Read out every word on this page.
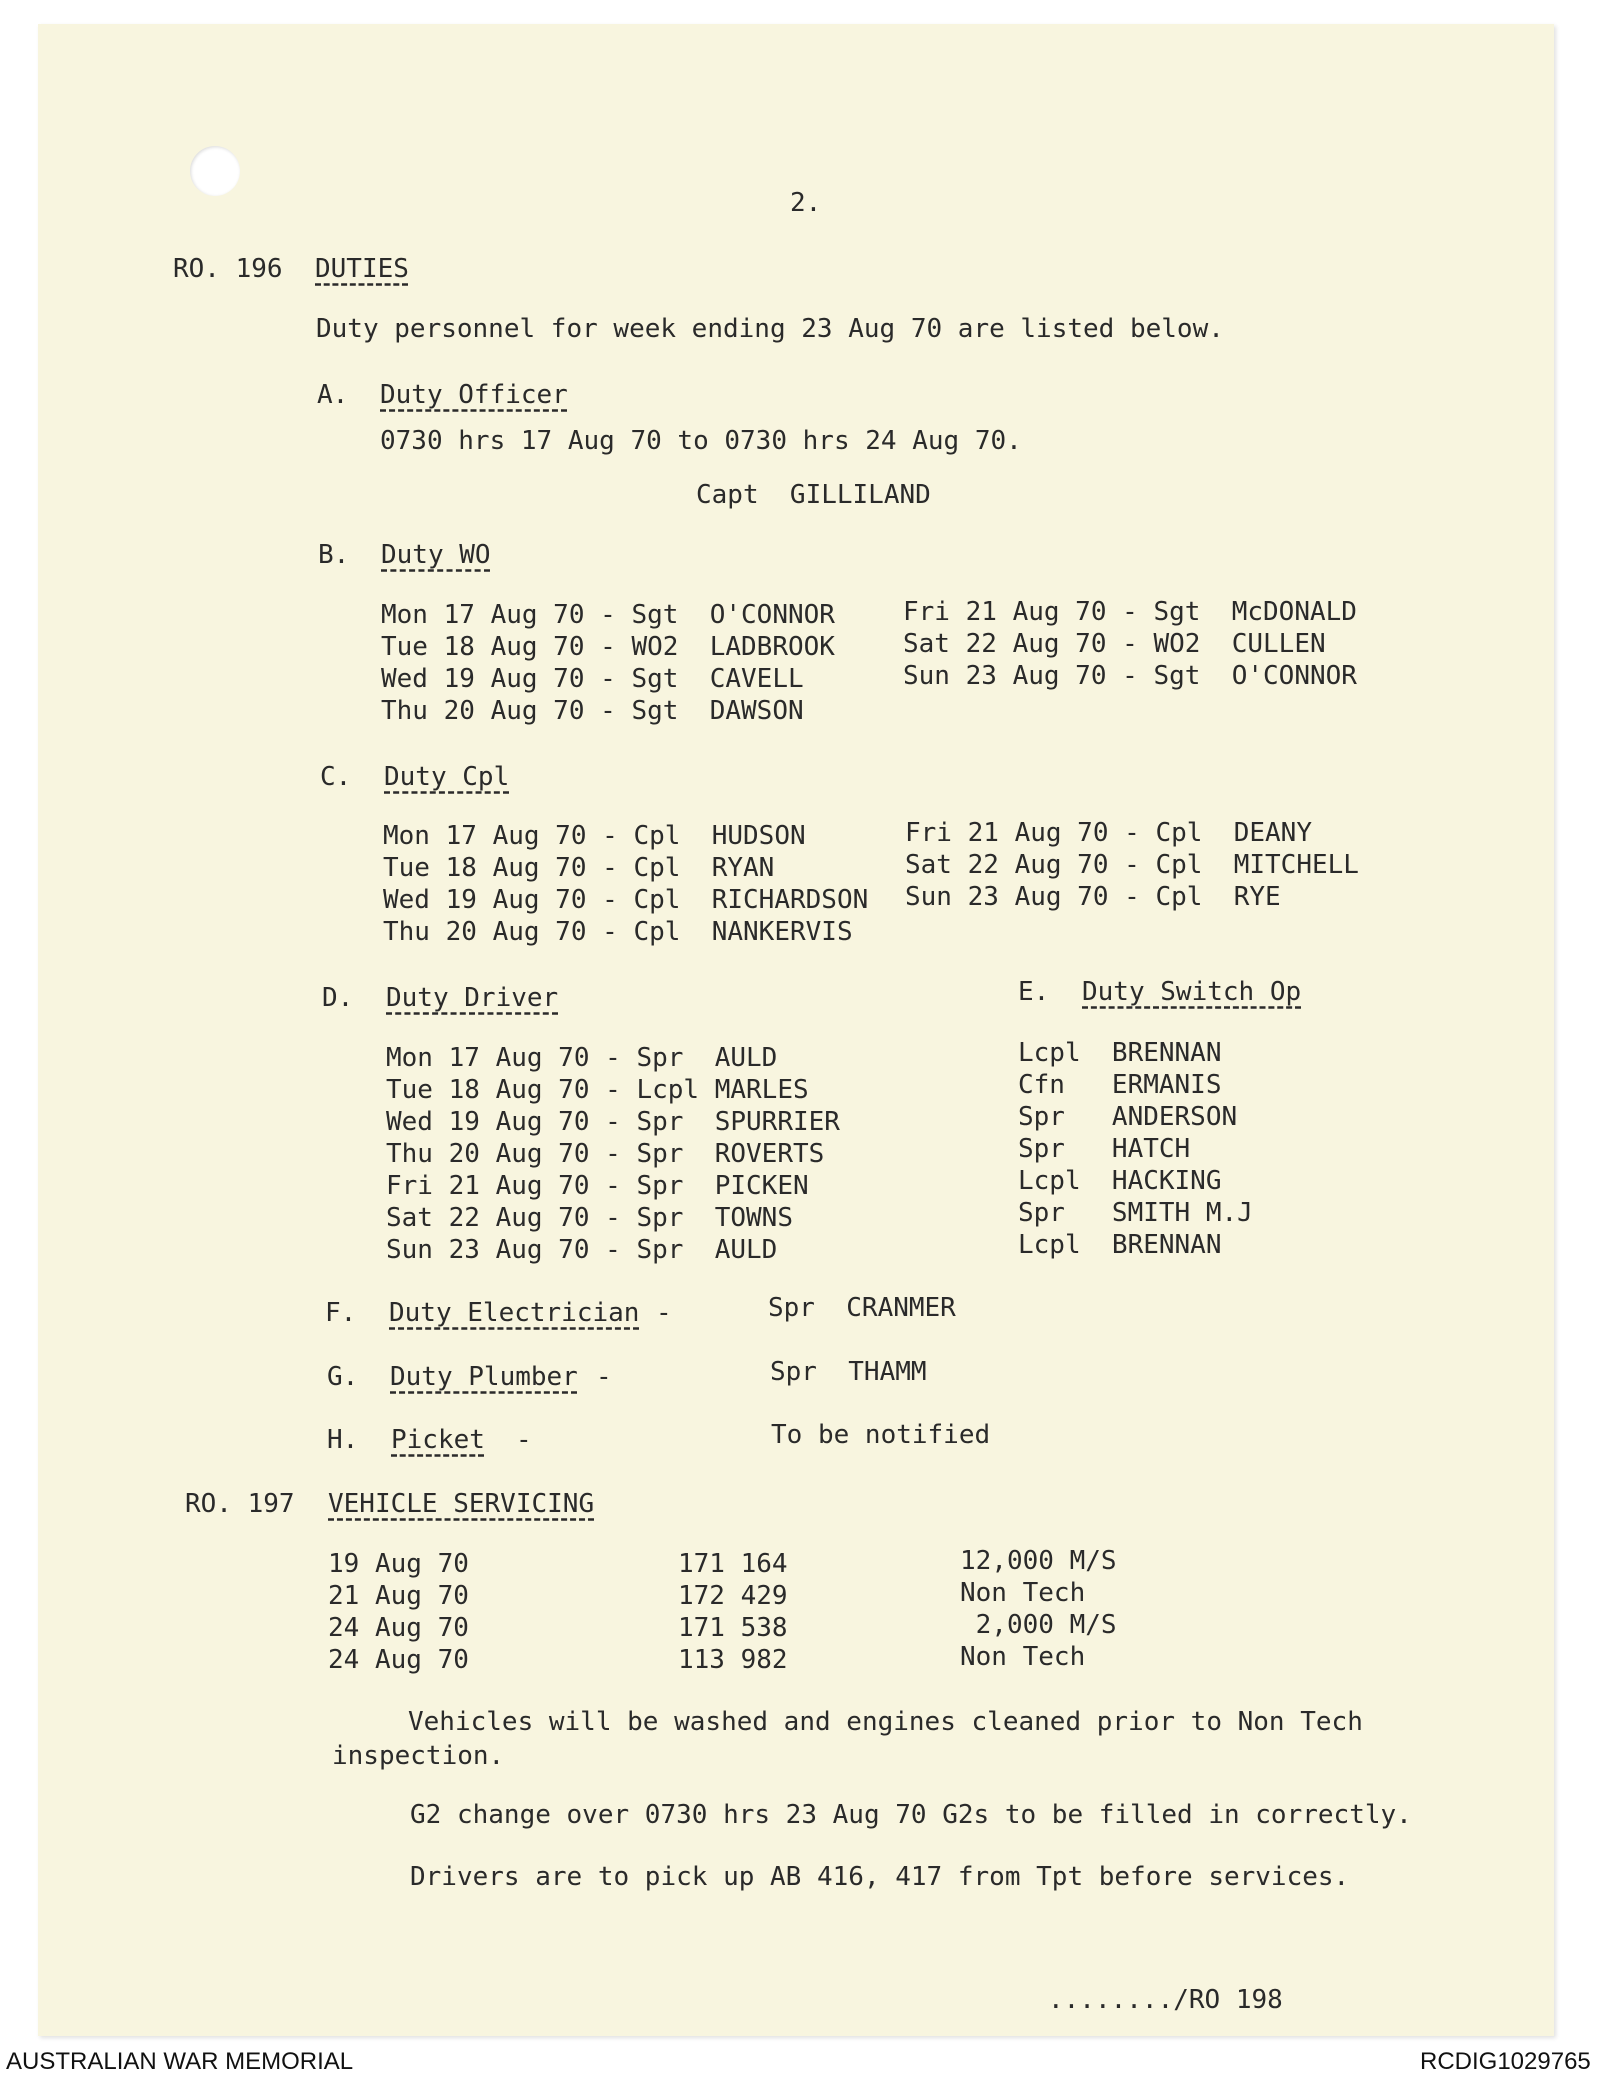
2.
RO. 196 DUTIES
Duty personnel for week ending 23 Aug 70 are listed below.
A. Duty Officer
0730 hrs 17 Aug 70 to 0730 hrs 24 Aug 70.
Capt  GILLILAND
B. Duty WO
Mon 17 Aug 70 - Sgt  O'CONNOR
Tue 18 Aug 70 - WO2  LADBROOK
Wed 19 Aug 70 - Sgt  CAVELL
Thu 20 Aug 70 - Sgt  DAWSON
Fri 21 Aug 70 - Sgt  McDONALD
Sat 22 Aug 70 - WO2  CULLEN
Sun 23 Aug 70 - Sgt  O'CONNOR
C. Duty Cpl
Mon 17 Aug 70 - Cpl  HUDSON
Tue 18 Aug 70 - Cpl  RYAN
Wed 19 Aug 70 - Cpl  RICHARDSON
Thu 20 Aug 70 - Cpl  NANKERVIS
Fri 21 Aug 70 - Cpl  DEANY
Sat 22 Aug 70 - Cpl  MITCHELL
Sun 23 Aug 70 - Cpl  RYE
D. Duty Driver
Mon 17 Aug 70 - Spr  AULD
Tue 18 Aug 70 - Lcpl MARLES
Wed 19 Aug 70 - Spr  SPURRIER
Thu 20 Aug 70 - Spr  ROVERTS
Fri 21 Aug 70 - Spr  PICKEN
Sat 22 Aug 70 - Spr  TOWNS
Sun 23 Aug 70 - Spr  AULD
E. Duty Switch Op
Lcpl  BRENNAN
Cfn   ERMANIS
Spr   ANDERSON
Spr   HATCH
Lcpl  HACKING
Spr   SMITH M.J
Lcpl  BRENNAN
F. Duty Electrician -	Spr  CRANMER
G. Duty Plumber -	Spr  THAMM
H. Picket -	To be notified
RO. 197 VEHICLE SERVICING
19 Aug 70	171 164	12,000 M/S
21 Aug 70	172 429	Non Tech
24 Aug 70	171 538	2,000 M/S
24 Aug 70	113 982	Non Tech
Vehicles will be washed and engines cleaned prior to Non Tech
inspection.
G2 change over 0730 hrs 23 Aug 70 G2s to be filled in correctly.
Drivers are to pick up AB 416, 417 from Tpt before services.
......../RO 198
AUSTRALIAN WAR MEMORIAL	RCDIG1029765
